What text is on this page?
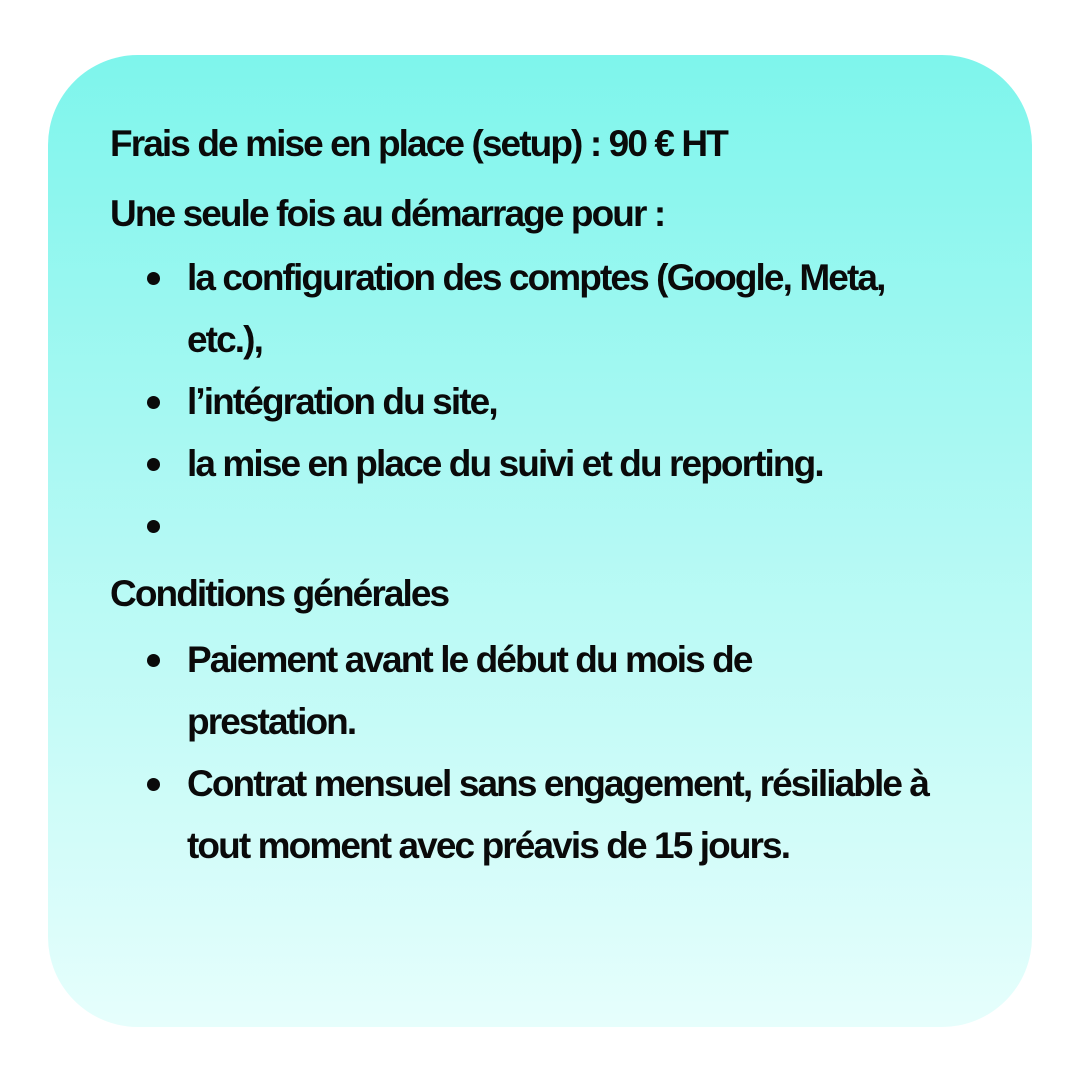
Frais de mise en place (setup) : 90 € HT

Une seule fois au démarrage pour :

la configuration des comptes (Google, Meta, etc.),
l’intégration du site,
la mise en place du suivi et du reporting.

Conditions générales

Paiement avant le début du mois de prestation.
Contrat mensuel sans engagement, résiliable à tout moment avec préavis de 15 jours.
